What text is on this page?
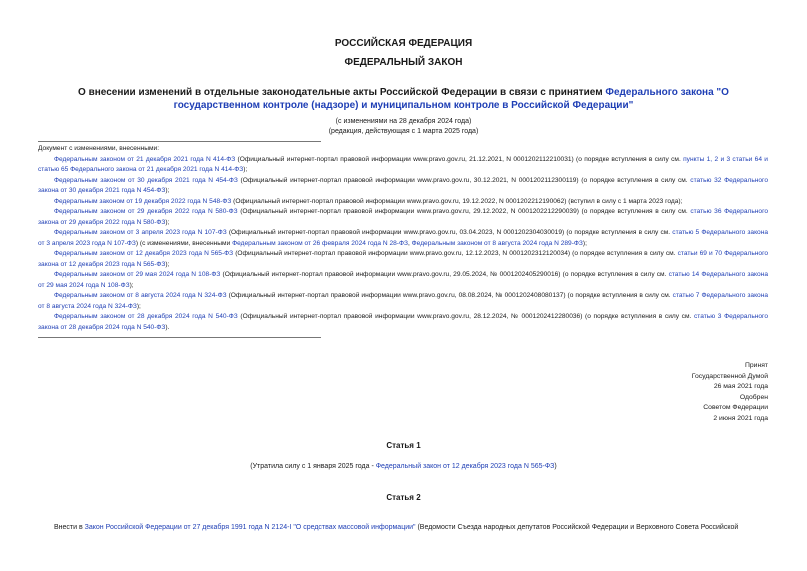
РОССИЙСКАЯ ФЕДЕРАЦИЯ
ФЕДЕРАЛЬНЫЙ ЗАКОН
О внесении изменений в отдельные законодательные акты Российской Федерации в связи с принятием Федерального закона "О государственном контроле (надзоре) и муниципальном контроле в Российской Федерации"
(с изменениями на 28 декабря 2024 года)
(редакция, действующая с 1 марта 2025 года)

Документ с изменениями, внесенными:

Федеральным законом от 21 декабря 2021 года N 414-ФЗ (Официальный интернет-портал правовой информации www.pravo.gov.ru, 21.12.2021, N 0001202112210031) (о порядке вступления в силу см. пункты 1, 2 и 3 статьи 64 и статью 65 Федерального закона от 21 декабря 2021 года N 414-ФЗ);

Федеральным законом от 30 декабря 2021 года N 454-ФЗ (Официальный интернет-портал правовой информации www.pravo.gov.ru, 30.12.2021, N 0001202112300119) (о порядке вступления в силу см. статью 32 Федерального закона от 30 декабря 2021 года N 454-ФЗ);

Федеральным законом от 19 декабря 2022 года N 548-ФЗ (Официальный интернет-портал правовой информации www.pravo.gov.ru, 19.12.2022, N 0001202212190062) (вступил в силу с 1 марта 2023 года);

Федеральным законом от 29 декабря 2022 года N 580-ФЗ (Официальный интернет-портал правовой информации www.pravo.gov.ru, 29.12.2022, N 0001202212290039) (о порядке вступления в силу см. статью 36 Федерального закона от 29 декабря 2022 года N 580-ФЗ);

Федеральным законом от 3 апреля 2023 года N 107-ФЗ (Официальный интернет-портал правовой информации www.pravo.gov.ru, 03.04.2023, N 0001202304030019) (о порядке вступления в силу см. статью 5 Федерального закона от 3 апреля 2023 года N 107-ФЗ) (с изменениями, внесенными Федеральным законом от 26 февраля 2024 года N 28-ФЗ, Федеральным законом от 8 августа 2024 года N 289-ФЗ);

Федеральным законом от 12 декабря 2023 года N 565-ФЗ (Официальный интернет-портал правовой информации www.pravo.gov.ru, 12.12.2023, N 0001202312120034) (о порядке вступления в силу см. статьи 69 и 70 Федерального закона от 12 декабря 2023 года N 565-ФЗ);

Федеральным законом от 29 мая 2024 года N 108-ФЗ (Официальный интернет-портал правовой информации www.pravo.gov.ru, 29.05.2024, № 0001202405290016) (о порядке вступления в силу см. статью 14 Федерального закона от 29 мая 2024 года N 108-ФЗ);

Федеральным законом от 8 августа 2024 года N 324-ФЗ (Официальный интернет-портал правовой информации www.pravo.gov.ru, 08.08.2024, № 0001202408080137) (о порядке вступления в силу см. статью 7 Федерального закона от 8 августа 2024 года N 324-ФЗ);

Федеральным законом от 28 декабря 2024 года N 540-ФЗ (Официальный интернет-портал правовой информации www.pravo.gov.ru, 28.12.2024, № 0001202412280036) (о порядке вступления в силу см. статью 3 Федерального закона от 28 декабря 2024 года N 540-ФЗ).

Принят
Государственной Думой
26 мая 2021 года
Одобрен
Советом Федерации
2 июня 2021 года
Статья 1
(Утратила силу с 1 января 2025 года - Федеральный закон от 12 декабря 2023 года N 565-ФЗ)
Статья 2
Внести в Закон Российской Федерации от 27 декабря 1991 года N 2124-I "О средствах массовой информации" (Ведомости Съезда народных депутатов Российской Федерации и Верховного Совета Российской
